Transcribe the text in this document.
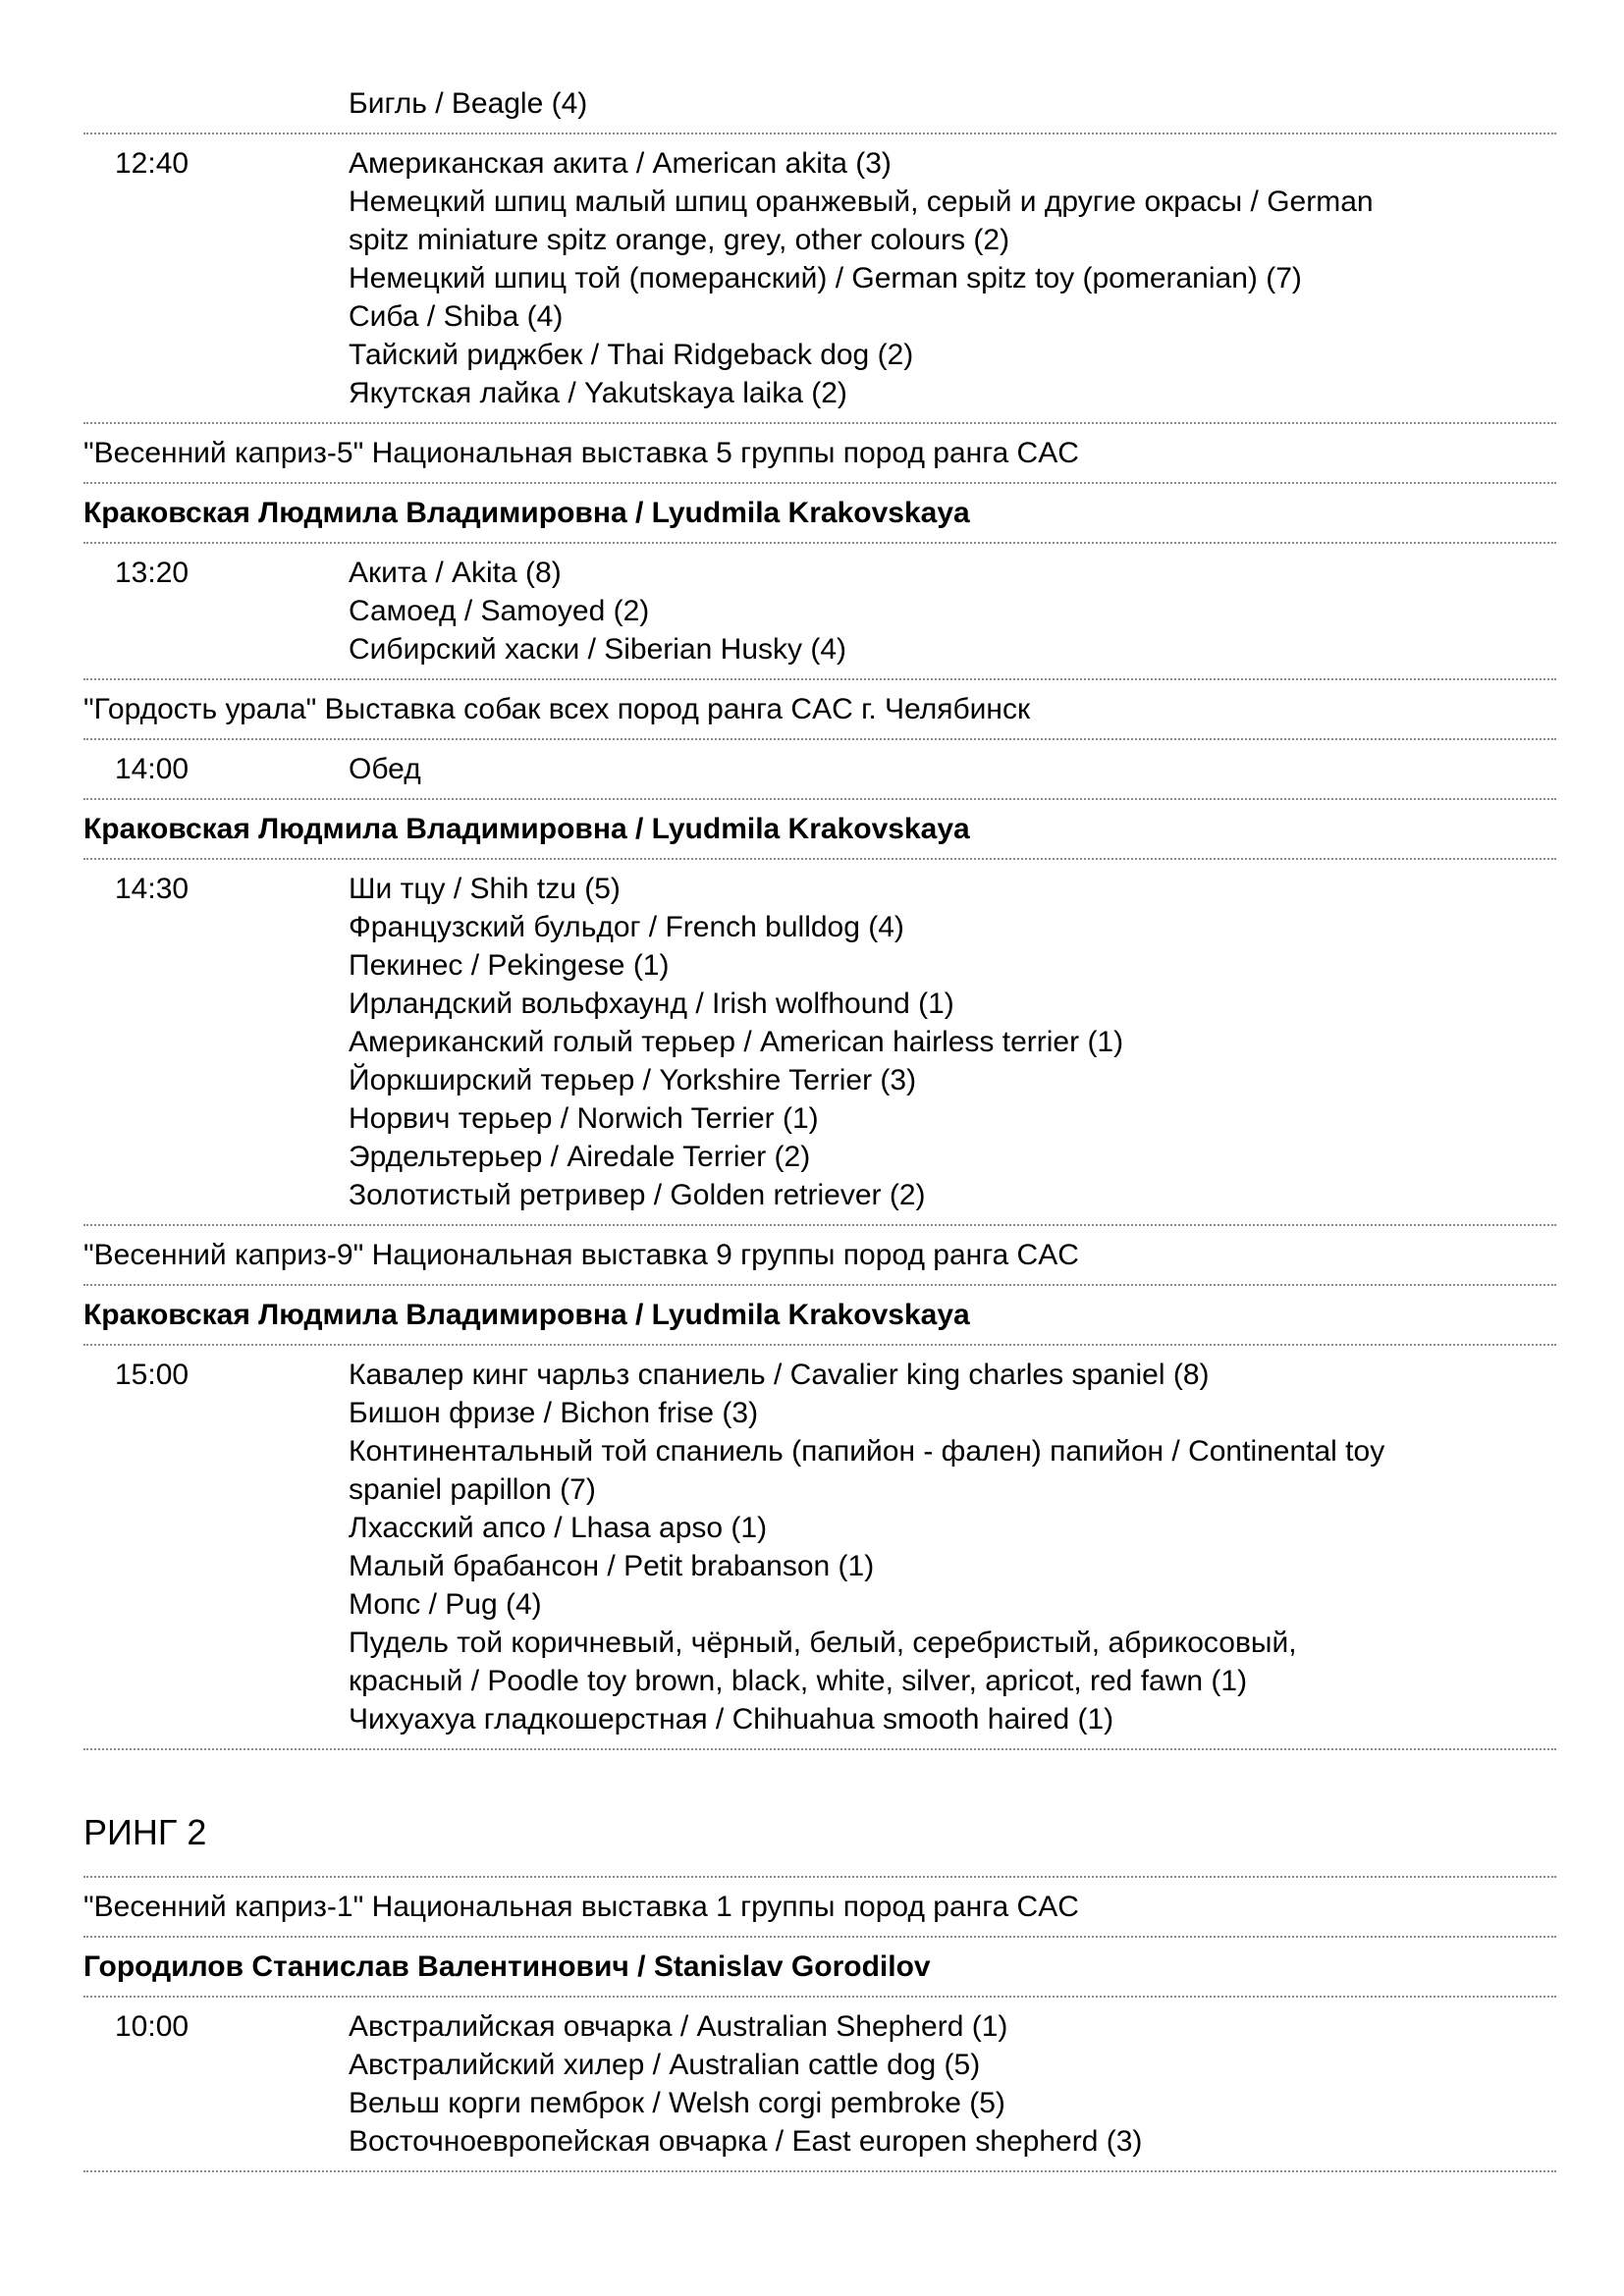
Бигль / Beagle (4)
12:40	Американская акита / American akita (3)
Немецкий шпиц малый шпиц оранжевый, серый и другие окрасы / German
spitz miniature spitz orange, grey, other colours (2)
Немецкий шпиц той (померанский) / German spitz toy (pomeranian) (7)
Сиба / Shiba (4)
Тайский риджбек / Thai Ridgeback dog (2)
Якутская лайка / Yakutskaya laika (2)
"Весенний каприз-5" Национальная выставка 5 группы пород ранга CAC
Краковская Людмила Владимировна / Lyudmila Krakovskaya
13:20	Акита / Akita (8)
Самоед / Samoyed (2)
Сибирский хаски / Siberian Husky (4)
"Гордость урала" Выставка собак всех пород ранга CAC г. Челябинск
14:00	Обед
Краковская Людмила Владимировна / Lyudmila Krakovskaya
14:30	Ши тцу / Shih tzu (5)
Французский бульдог / French bulldog (4)
Пекинес / Pekingese (1)
Ирландский вольфхаунд / Irish wolfhound (1)
Американский голый терьер / American hairless terrier (1)
Йоркширский терьер / Yorkshire Terrier (3)
Норвич терьер / Norwich Terrier (1)
Эрдельтерьер / Airedale Terrier (2)
Золотистый ретривер / Golden retriever (2)
"Весенний каприз-9" Национальная выставка 9 группы пород ранга CAC
Краковская Людмила Владимировна / Lyudmila Krakovskaya
15:00	Кавалер кинг чарльз спаниель / Cavalier king charles spaniel (8)
Бишон фризе / Bichon frise (3)
Континентальный той спаниель (папийон - фален) папийон / Continental toy
spaniel papillon (7)
Лхасский апсо / Lhasa apso (1)
Малый брабансон / Petit brabanson (1)
Мопс / Pug (4)
Пудель той коричневый, чёрный, белый, серебристый, абрикосовый,
красный / Poodle toy brown, black, white, silver, apricot, red fawn (1)
Чихуахуа гладкошерстная / Chihuahua smooth haired (1)
РИНГ 2
"Весенний каприз-1" Национальная выставка 1 группы пород ранга CAC
Городилов Станислав Валентинович / Stanislav Gorodilov
10:00	Австралийская овчарка / Australian Shepherd (1)
Австралийский хилер / Australian cattle dog (5)
Вельш корги пемброк / Welsh corgi pembroke (5)
Восточноевропейская овчарка / East europen shepherd (3)
